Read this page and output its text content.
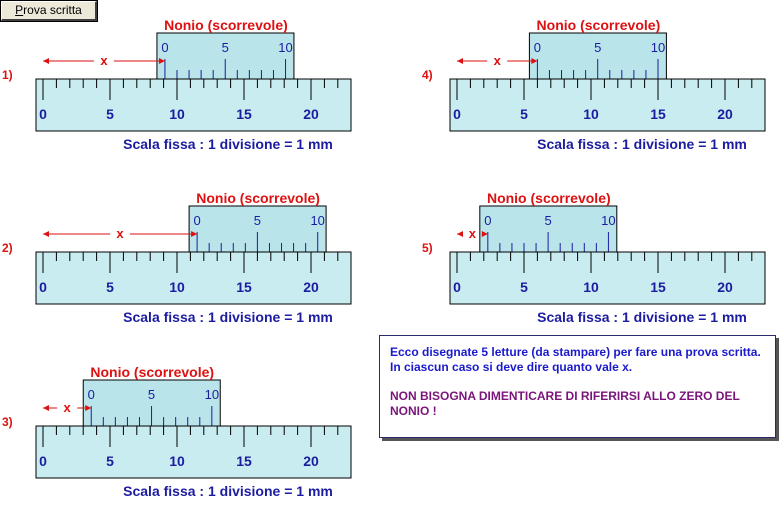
Prova scritta
1)
Nonio (scorrevole)
0	5	10
0	5	10	15	20
Scala fissa : 1 divisione = 1 mm
x
2)
Nonio (scorrevole)
0	5	10
0	5	10	15	20
Scala fissa : 1 divisione = 1 mm
x
3)
Nonio (scorrevole)
0	5	10
0	5	10	15	20
Scala fissa : 1 divisione = 1 mm
x
4)
Nonio (scorrevole)
0	5	10
0	5	10	15	20
Scala fissa : 1 divisione = 1 mm
x
5)
Nonio (scorrevole)
0	5	10
0	5	10	15	20
Scala fissa : 1 divisione = 1 mm
x

Ecco disegnate 5 letture (da stampare) per fare una prova scritta. In ciascun caso si deve dire quanto vale x.

NON BISOGNA DIMENTICARE DI RIFERIRSI ALLO ZERO DEL NONIO !
